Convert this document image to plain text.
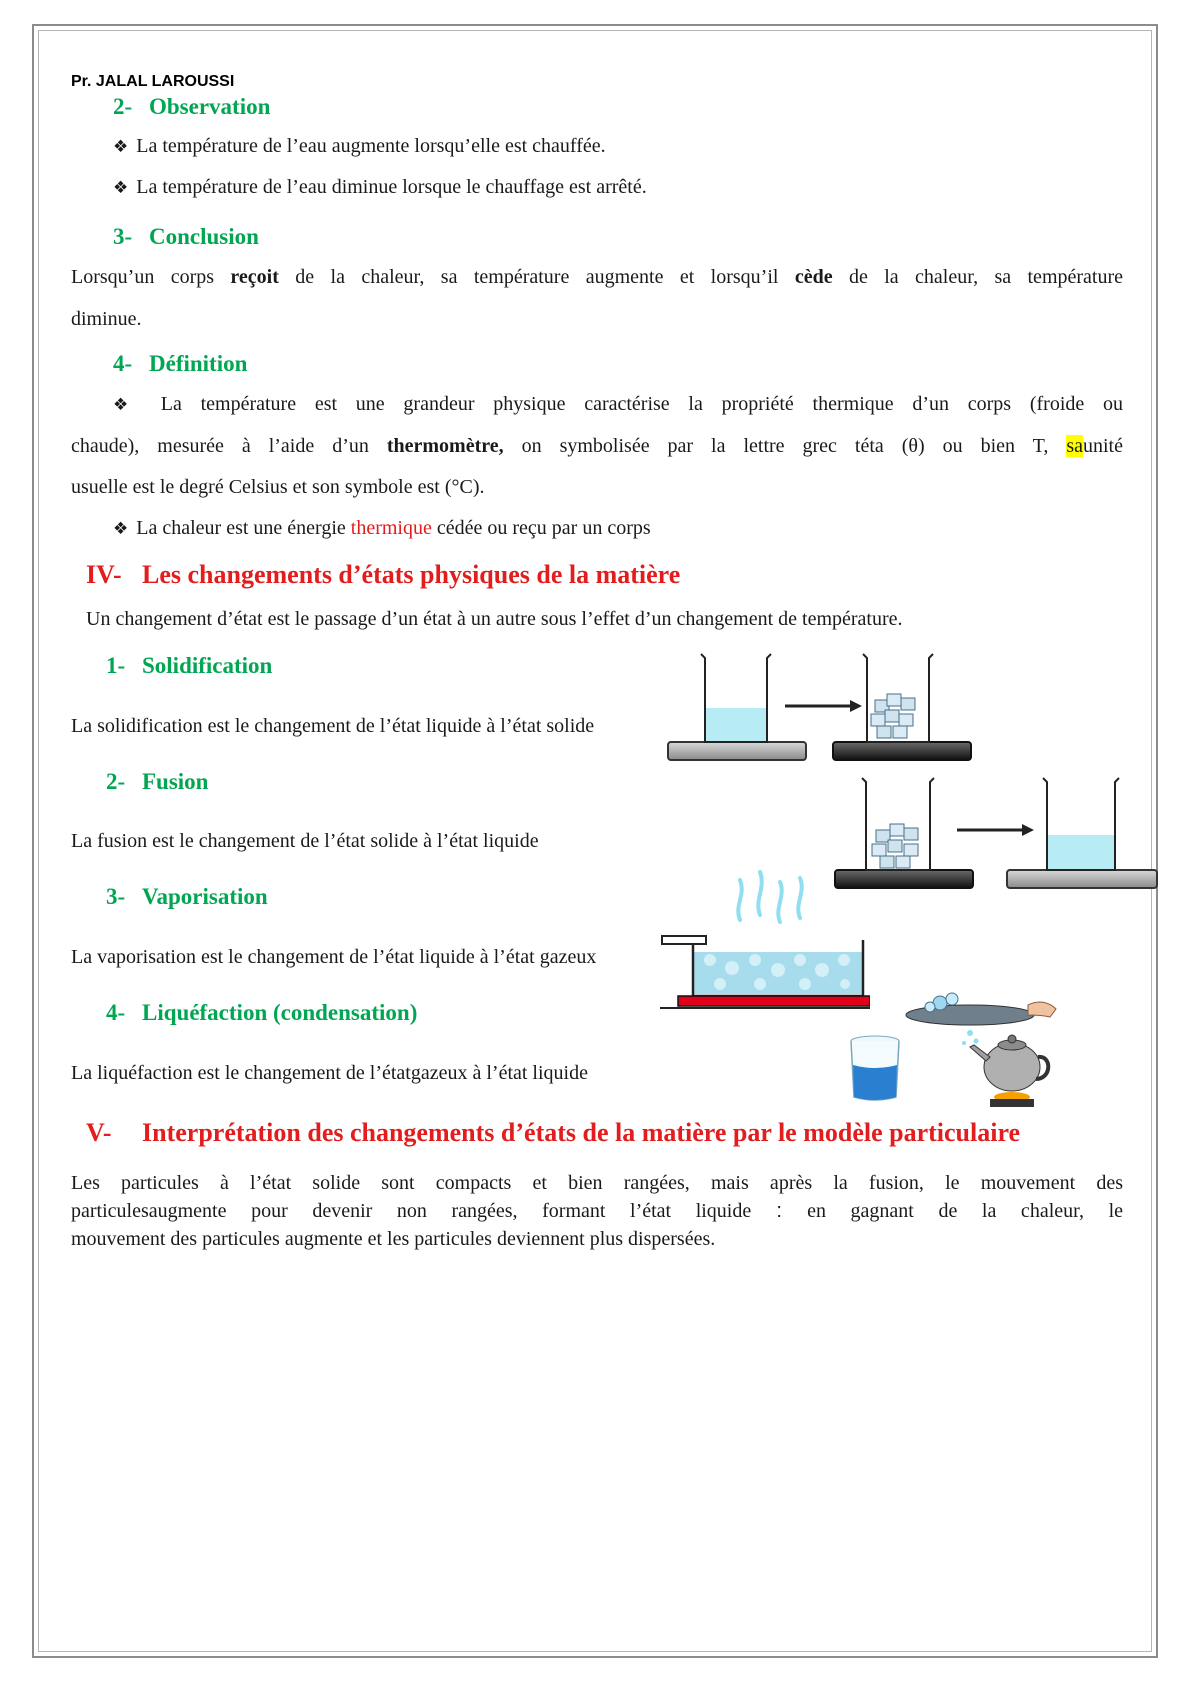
Pr. JALAL LAROUSSI
2- Observation
❖ La température de l’eau augmente lorsqu’elle est chauffée.
❖ La température de l’eau diminue lorsque le chauffage est arrêté.
3- Conclusion
Lorsqu’un corps reçoit de la chaleur, sa température augmente et lorsqu’il cède de la chaleur, sa température
diminue.
4- Définition
❖ La température est une grandeur physique caractérise la propriété thermique d’un corps (froide ou
chaude), mesurée à l’aide d’un thermomètre, on symbolisée par la lettre grec téta (θ) ou bien T, saunité
usuelle est le degré Celsius et son symbole est (°C).
❖ La chaleur est une énergie thermique cédée ou reçu par un corps
IV- Les changements d’états physiques de la matière
Un changement d’état est le passage d’un état à un autre sous l’effet d’un changement de température.
1- Solidification
La solidification est le changement de l’état liquide à l’état solide
2- Fusion
La fusion est le changement de l’état solide à l’état liquide
3- Vaporisation
La vaporisation est le changement de l’état liquide à l’état gazeux
4- Liquéfaction (condensation)
La liquéfaction est le changement de l’étatgazeux à l’état liquide
V- Interprétation des changements d’états de la matière par le modèle particulaire
Les particules à l’état solide sont compacts et bien rangées, mais après la fusion, le mouvement des
particulesaugmente pour devenir non rangées, formant l’état liquide : en gagnant de la chaleur, le
mouvement des particules augmente et les particules deviennent plus dispersées.
